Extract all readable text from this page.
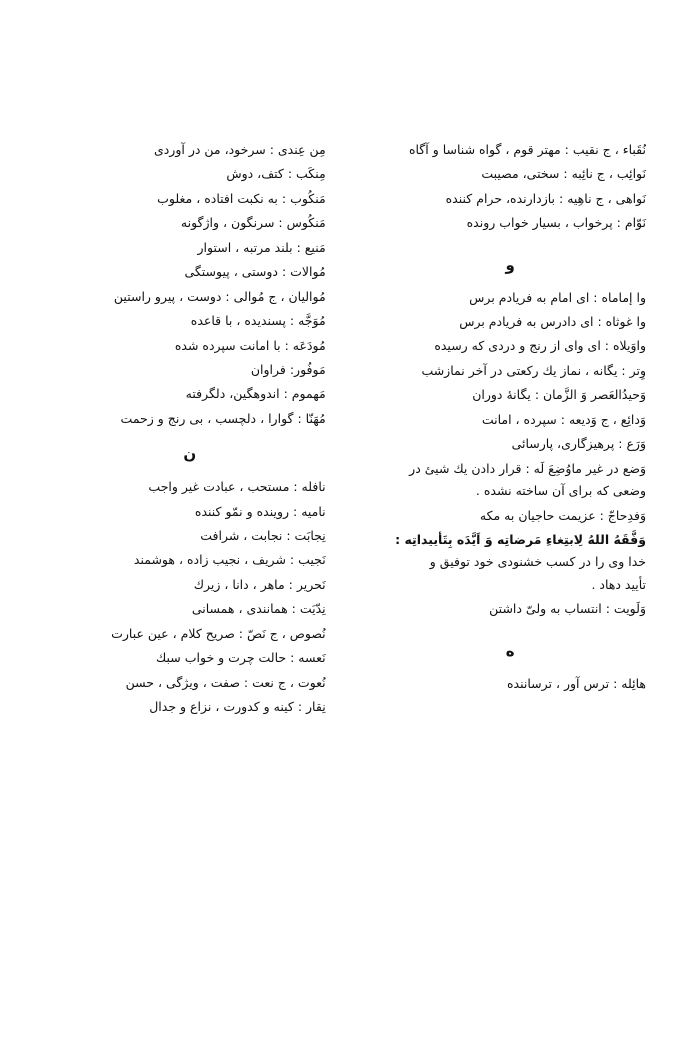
مِن عِندی : سرخود، من در آوردی
مِنكَب : كتف، دوش
مَنكُوب : به نكبت افتاده ، مغلوب
مَنكُوس : سرنگون ، واژگونه
مَنیع : بلند مرتبه ، استوار
مُوالات : دوستی ، پیوستگی
مُوالیان ، ج مُوالی : دوست ، پیرو راستین
مُوَجَّه : پسندیده ، با قاعده
مُودَعَه : با امانت سپرده شده
مَوفُور: فراوان
مَهموم : اندوهگین، دلگرفته
مُهَنّا : گوارا ، دلچسب ، بی رنج و زحمت
ن
نافله : مستحب ، عبادت غیر واجب
نامیه : روینده و نمّو كننده
نِجابَت : نجابت ، شرافت
نَجیب : شریف ، نجیب زاده ، هوشمند
نَحریر : ماهر ، دانا ، زیرك
نِدّیَت : همانندی ، همسانی
نُصوص ، ج نَصّ : صریح كلام ، عین عبارت
نَعسه : حالت چرت و خواب سبك
نُعوت ، ج نعت : صفت ، ویژگی ، حسن
نِقار : كینه و كدورت ، نزاع و جدال
نُقَباء ، ج نقیب : مهتر قوم ، گواه شناسا و آگاه
نَوائِب ، ج نائِبه : سختی، مصیبت
نَواهی ، ج ناهِیه : بازدارنده، حرام كننده
نَوّام : پرخواب ، بسیار خواب رونده
و
وا إماماه : ای امام به فریادم برس
وا غوثاه : ای دادرس به فریادم برس
واوَیلاه : ای وای از رنج و دردی كه رسیده
وِتر : یگانه ، نماز یك ركعتی در آخر نمازشب
وَحیدُالعَصر وَ الزَّمان : یگانهٔ دوران
وَدائِع ، ج وَدیعه : سپرده ، امانت
وَرَع : پرهیزگاری، پارسائی
وَضع در غیر ماوُضِعَ لَه : قرار دادن یك شیئ در
وضعی كه برای آن ساخته نشده .
وَفدِحاجّ : عزیمت حاجیان به مكه
وَفَّقَهُ اللهُ لِابتِغاءِ مَرضاتِه وَ اَیَّدَه بِتَأییداتِه :
خدا وی را در كسب خشنودی خود توفیق و
تأیید دهاد .
وَلَویت : انتساب به ولیّ داشتن
ه
هائِله : ترس آور ، ترساننده
